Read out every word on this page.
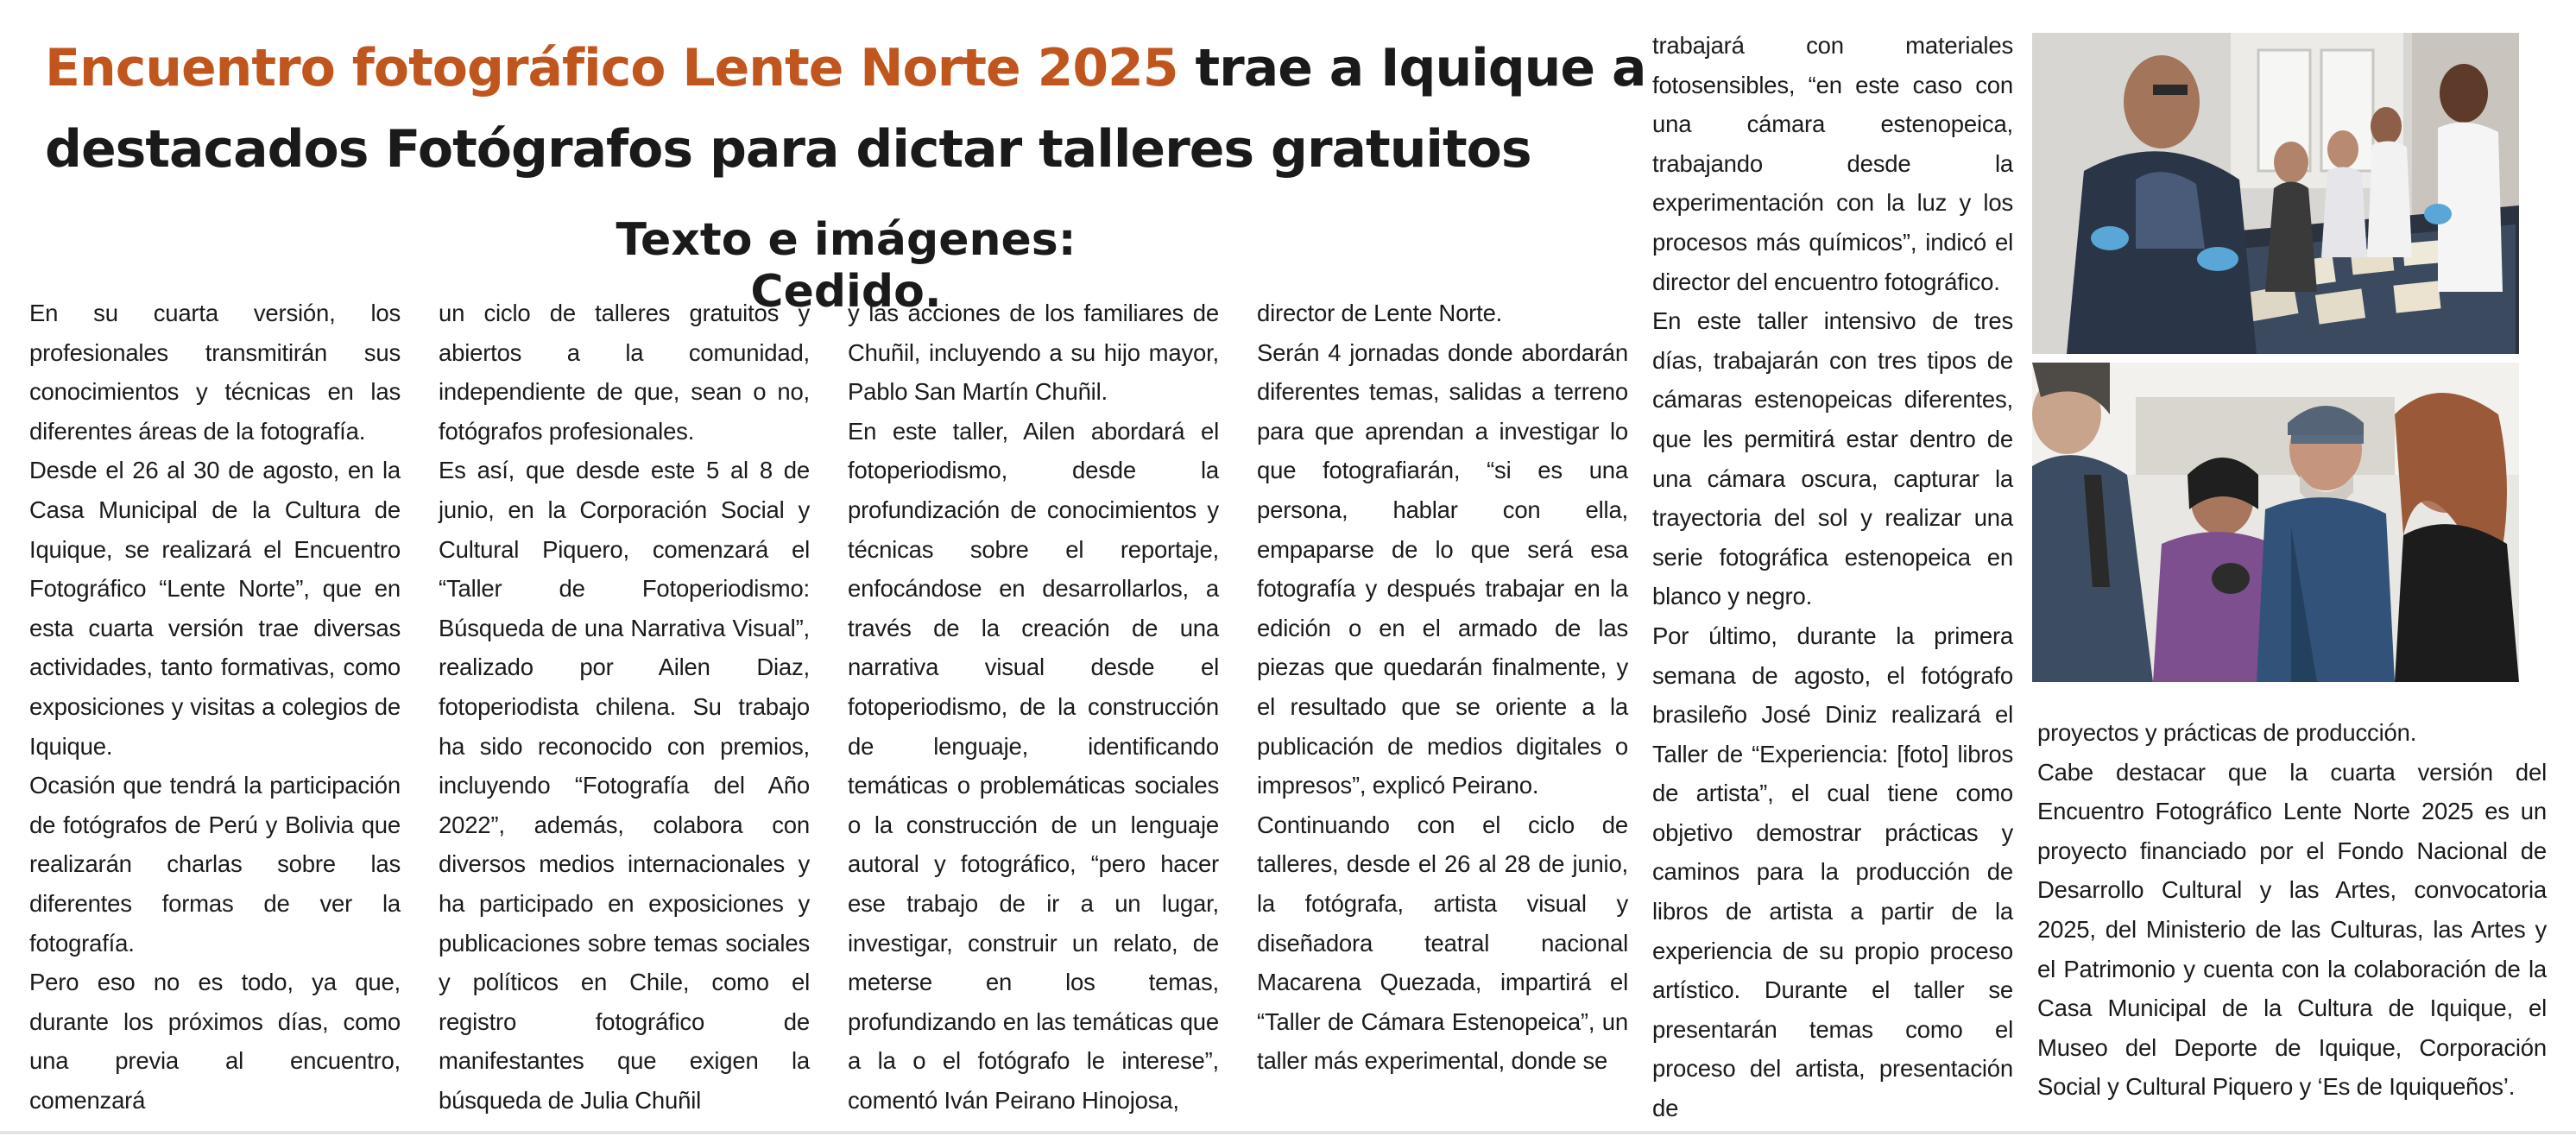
Encuentro fotográfico Lente Norte 2025 trae a Iquique a destacados Fotógrafos para dictar talleres gratuitos
Texto e imágenes: Cedido.

En su cuarta versión, los profesionales transmitirán sus conocimientos y técnicas en las diferentes áreas de la fotografía.

Desde el 26 al 30 de agosto, en la Casa Municipal de la Cultura de Iquique, se realizará el Encuentro Fotográfico “Lente Norte”, que en esta cuarta versión trae diversas actividades, tanto formativas, como exposiciones y visitas a colegios de Iquique.

Ocasión que tendrá la participación de fotógrafos de Perú y Bolivia que realizarán charlas sobre las diferentes formas de ver la fotografía.

Pero eso no es todo, ya que, durante los próximos días, como una previa al encuentro, comenzará

un ciclo de talleres gratuitos y abiertos a la comunidad, independiente de que, sean o no, fotógrafos profesionales.

Es así, que desde este 5 al 8 de junio, en la Corporación Social y Cultural Piquero, comenzará el “Taller de Fotoperiodismo: Búsqueda de una Narrativa Visual”, realizado por Ailen Diaz, fotoperiodista chilena. Su trabajo ha sido reconocido con premios, incluyendo “Fotografía del Año 2022”, además, colabora con diversos medios internacionales y ha participado en exposiciones y publicaciones sobre temas sociales y políticos en Chile, como el registro fotográfico de manifestantes que exigen la búsqueda de Julia Chuñil

y las acciones de los familiares de Chuñil, incluyendo a su hijo mayor, Pablo San Martín Chuñil.

En este taller, Ailen abordará el fotoperiodismo, desde la profundización de conocimientos y técnicas sobre el reportaje, enfocándose en desarrollarlos, a través de la creación de una narrativa visual desde el fotoperiodismo, de la construcción de lenguaje, identificando temáticas o problemáticas sociales o la construcción de un lenguaje autoral y fotográfico, “pero hacer ese trabajo de ir a un lugar, investigar, construir un relato, de meterse en los temas, profundizando en las temáticas que a la o el fotógrafo le interese”, comentó Iván Peirano Hinojosa,

director de Lente Norte.

Serán 4 jornadas donde abordarán diferentes temas, salidas a terreno para que aprendan a investigar lo que fotografiarán, “si es una persona, hablar con ella, empaparse de lo que será esa fotografía y después trabajar en la edición o en el armado de las piezas que quedarán finalmente, y el resultado que se oriente a la publicación de medios digitales o impresos”, explicó Peirano.

Continuando con el ciclo de talleres, desde el 26 al 28 de junio, la fotógrafa, artista visual y diseñadora teatral nacional Macarena Quezada, impartirá el “Taller de Cámara Estenopeica”, un taller más experimental, donde se

trabajará con materiales fotosensibles, “en este caso con una cámara estenopeica, trabajando desde la experimentación con la luz y los procesos más químicos”, indicó el director del encuentro fotográfico.

En este taller intensivo de tres días, trabajarán con tres tipos de cámaras estenopeicas diferentes, que les permitirá estar dentro de una cámara oscura, capturar la trayectoria del sol y realizar una serie fotográfica estenopeica en blanco y negro.

Por último, durante la primera semana de agosto, el fotógrafo brasileño José Diniz realizará el Taller de “Experiencia: [foto] libros de artista”, el cual tiene como objetivo demostrar prácticas y caminos para la producción de libros de artista a partir de la experiencia de su propio proceso artístico. Durante el taller se presentarán temas como el proceso del artista, presentación de

proyectos y prácticas de producción.

Cabe destacar que la cuarta versión del Encuentro Fotográfico Lente Norte 2025 es un proyecto financiado por el Fondo Nacional de Desarrollo Cultural y las Artes, convocatoria 2025, del Ministerio de las Culturas, las Artes y el Patrimonio y cuenta con la colaboración de la Casa Municipal de la Cultura de Iquique, el Museo del Deporte de Iquique, Corporación Social y Cultural Piquero y ‘Es de Iquiqueños’.
